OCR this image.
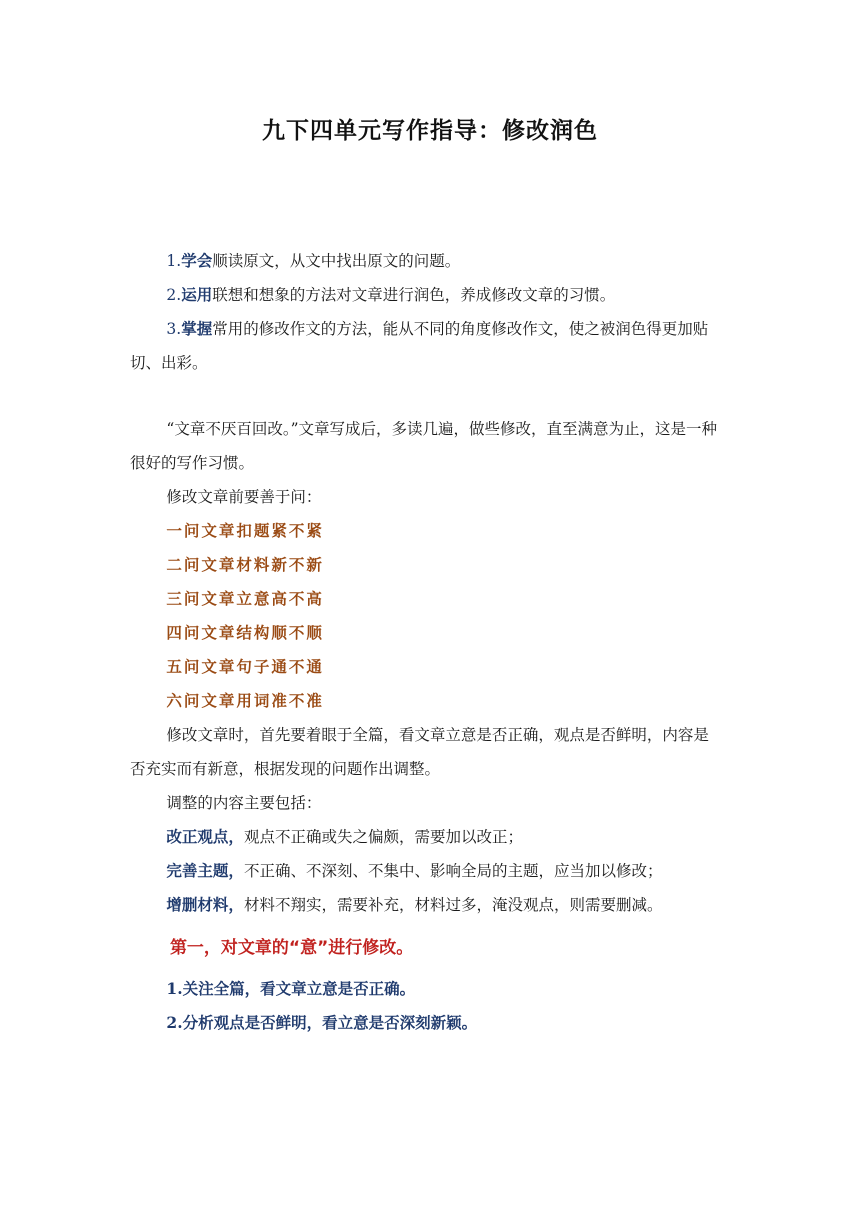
九下四单元写作指导：修改润色

1.学会顺读原文，从文中找出原文的问题。

2.运用联想和想象的方法对文章进行润色，养成修改文章的习惯。

3.掌握常用的修改作文的方法，能从不同的角度修改作文，使之被润色得更加贴切、出彩。

“文章不厌百回改。”文章写成后，多读几遍，做些修改，直至满意为止，这是一种很好的写作习惯。

修改文章前要善于问：

一问文章扣题紧不紧

二问文章材料新不新

三问文章立意高不高

四问文章结构顺不顺

五问文章句子通不通

六问文章用词准不准

修改文章时，首先要着眼于全篇，看文章立意是否正确，观点是否鲜明，内容是否充实而有新意，根据发现的问题作出调整。

调整的内容主要包括：

改正观点，观点不正确或失之偏颇，需要加以改正；

完善主题，不正确、不深刻、不集中、影响全局的主题，应当加以修改；

增删材料，材料不翔实，需要补充，材料过多，淹没观点，则需要删减。

第一，对文章的“意”进行修改。

1.关注全篇，看文章立意是否正确。

2.分析观点是否鲜明，看立意是否深刻新颖。
